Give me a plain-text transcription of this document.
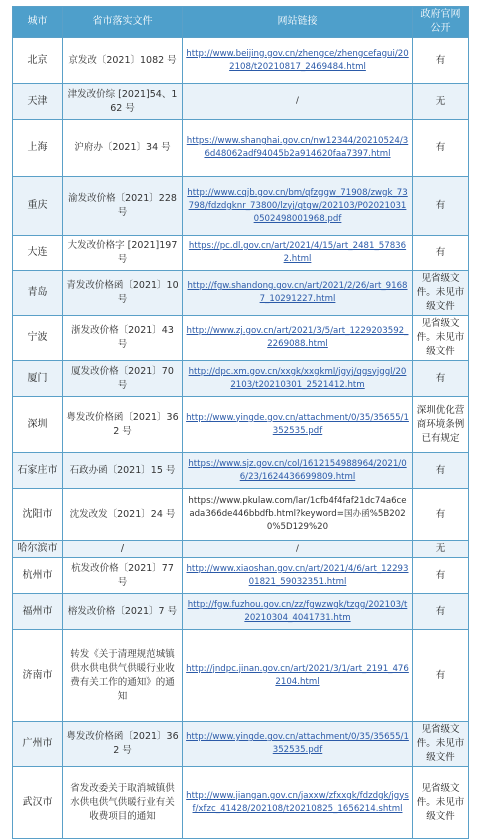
城市	省市落实文件	网站链接	政府官网公开
北京	京发改〔2021〕1082 号	http://www.beijing.gov.cn/zhengce/zhengcefagui/202108/t20210817_2469484.html	有
天津	津发改价综 [2021]54、162 号	/	无
上海	沪府办〔2021〕34 号	https://www.shanghai.gov.cn/nw12344/20210524/36d48062adf94045b2a914620faa7397.html	有
重庆	渝发改价格〔2021〕228 号	http://www.cqjb.gov.cn/bm/qfzggw_71908/zwgk_73798/fdzdgknr_73800/lzyj/qtgw/202103/P020210310502498001968.pdf	有
大连	大发改价格字 [2021]197 号	https://pc.dl.gov.cn/art/2021/4/15/art_2481_578362.html	有
青岛	青发改价格函〔2021〕10 号	http://fgw.shandong.gov.cn/art/2021/2/26/art_91687_10291227.html	见省级文件。未见市级文件
宁波	浙发改价格〔2021〕43 号	http://www.zj.gov.cn/art/2021/3/5/art_1229203592_2269088.html	见省级文件。未见市级文件
厦门	厦发改价格〔2021〕70 号	http://dpc.xm.gov.cn/xxgk/xxgkml/jgyj/qgsyjggl/202103/t20210301_2521412.htm	有
深圳	粤发改价格函〔2021〕362 号	http://www.yingde.gov.cn/attachment/0/35/35655/1352535.pdf	深圳优化营商环境条例已有规定
石家庄市	石政办函〔2021〕15 号	https://www.sjz.gov.cn/col/1612154988964/2021/06/23/1624436699809.html	有
沈阳市	沈发改发〔2021〕24 号	https://www.pkulaw.com/lar/1cfb4f4faf21dc74a6ceada366de446bbdfb.html?keyword=国办函%5B2020%5D129%20	有
哈尔滨市	/	/	无
杭州市	杭发改价格〔2021〕77 号	http://www.xiaoshan.gov.cn/art/2021/4/6/art_1229301821_59032351.html	有
福州市	榕发改价格〔2021〕7 号	http://fgw.fuzhou.gov.cn/zz/fgwzwgk/tzgg/202103/t20210304_4041731.htm	有
济南市	转发《关于清理规范城镇供水供电供气供暖行业收费有关工作的通知》的通知	http://jndpc.jinan.gov.cn/art/2021/3/1/art_2191_4762104.html	有
广州市	粤发改价格函〔2021〕362 号	http://www.yingde.gov.cn/attachment/0/35/35655/1352535.pdf	见省级文件。未见市级文件
武汉市	省发改委关于取消城镇供水供电供气供暖行业有关收费项目的通知	http://www.jiangan.gov.cn/jaxxw/zfxxgk/fdzdgk/jgysf/xfzc_41428/202108/t20210825_1656214.shtml	见省级文件。未见市级文件
